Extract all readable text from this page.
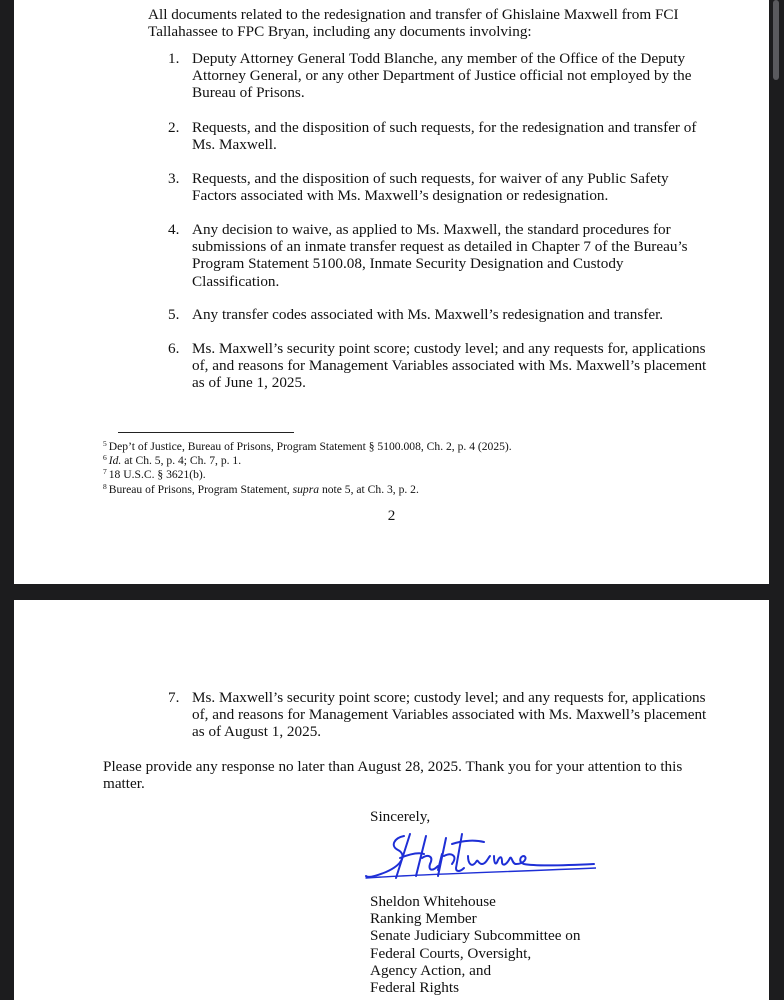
All documents related to the redesignation and transfer of Ghislaine Maxwell from FCI Tallahassee to FPC Bryan, including any documents involving:
1. Deputy Attorney General Todd Blanche, any member of the Office of the Deputy Attorney General, or any other Department of Justice official not employed by the Bureau of Prisons.
2. Requests, and the disposition of such requests, for the redesignation and transfer of Ms. Maxwell.
3. Requests, and the disposition of such requests, for waiver of any Public Safety Factors associated with Ms. Maxwell’s designation or redesignation.
4. Any decision to waive, as applied to Ms. Maxwell, the standard procedures for submissions of an inmate transfer request as detailed in Chapter 7 of the Bureau’s Program Statement 5100.08, Inmate Security Designation and Custody Classification.
5. Any transfer codes associated with Ms. Maxwell’s redesignation and transfer.
6. Ms. Maxwell’s security point score; custody level; and any requests for, applications of, and reasons for Management Variables associated with Ms. Maxwell’s placement as of June 1, 2025.
$^5$ Dep’t of Justice, Bureau of Prisons, Program Statement § 5100.008, Ch. 2, p. 4 (2025).
$^6$ Id. at Ch. 5, p. 4; Ch. 7, p. 1.
$^7$ 18 U.S.C. § 3621(b).
$^8$ Bureau of Prisons, Program Statement, supra note 5, at Ch. 3, p. 2.
2
7. Ms. Maxwell’s security point score; custody level; and any requests for, applications of, and reasons for Management Variables associated with Ms. Maxwell’s placement as of August 1, 2025.
Please provide any response no later than August 28, 2025. Thank you for your attention to this matter.
Sincerely,
Sheldon Whitehouse
Ranking Member
Senate Judiciary Subcommittee on
Federal Courts, Oversight,
Agency Action, and
Federal Rights
